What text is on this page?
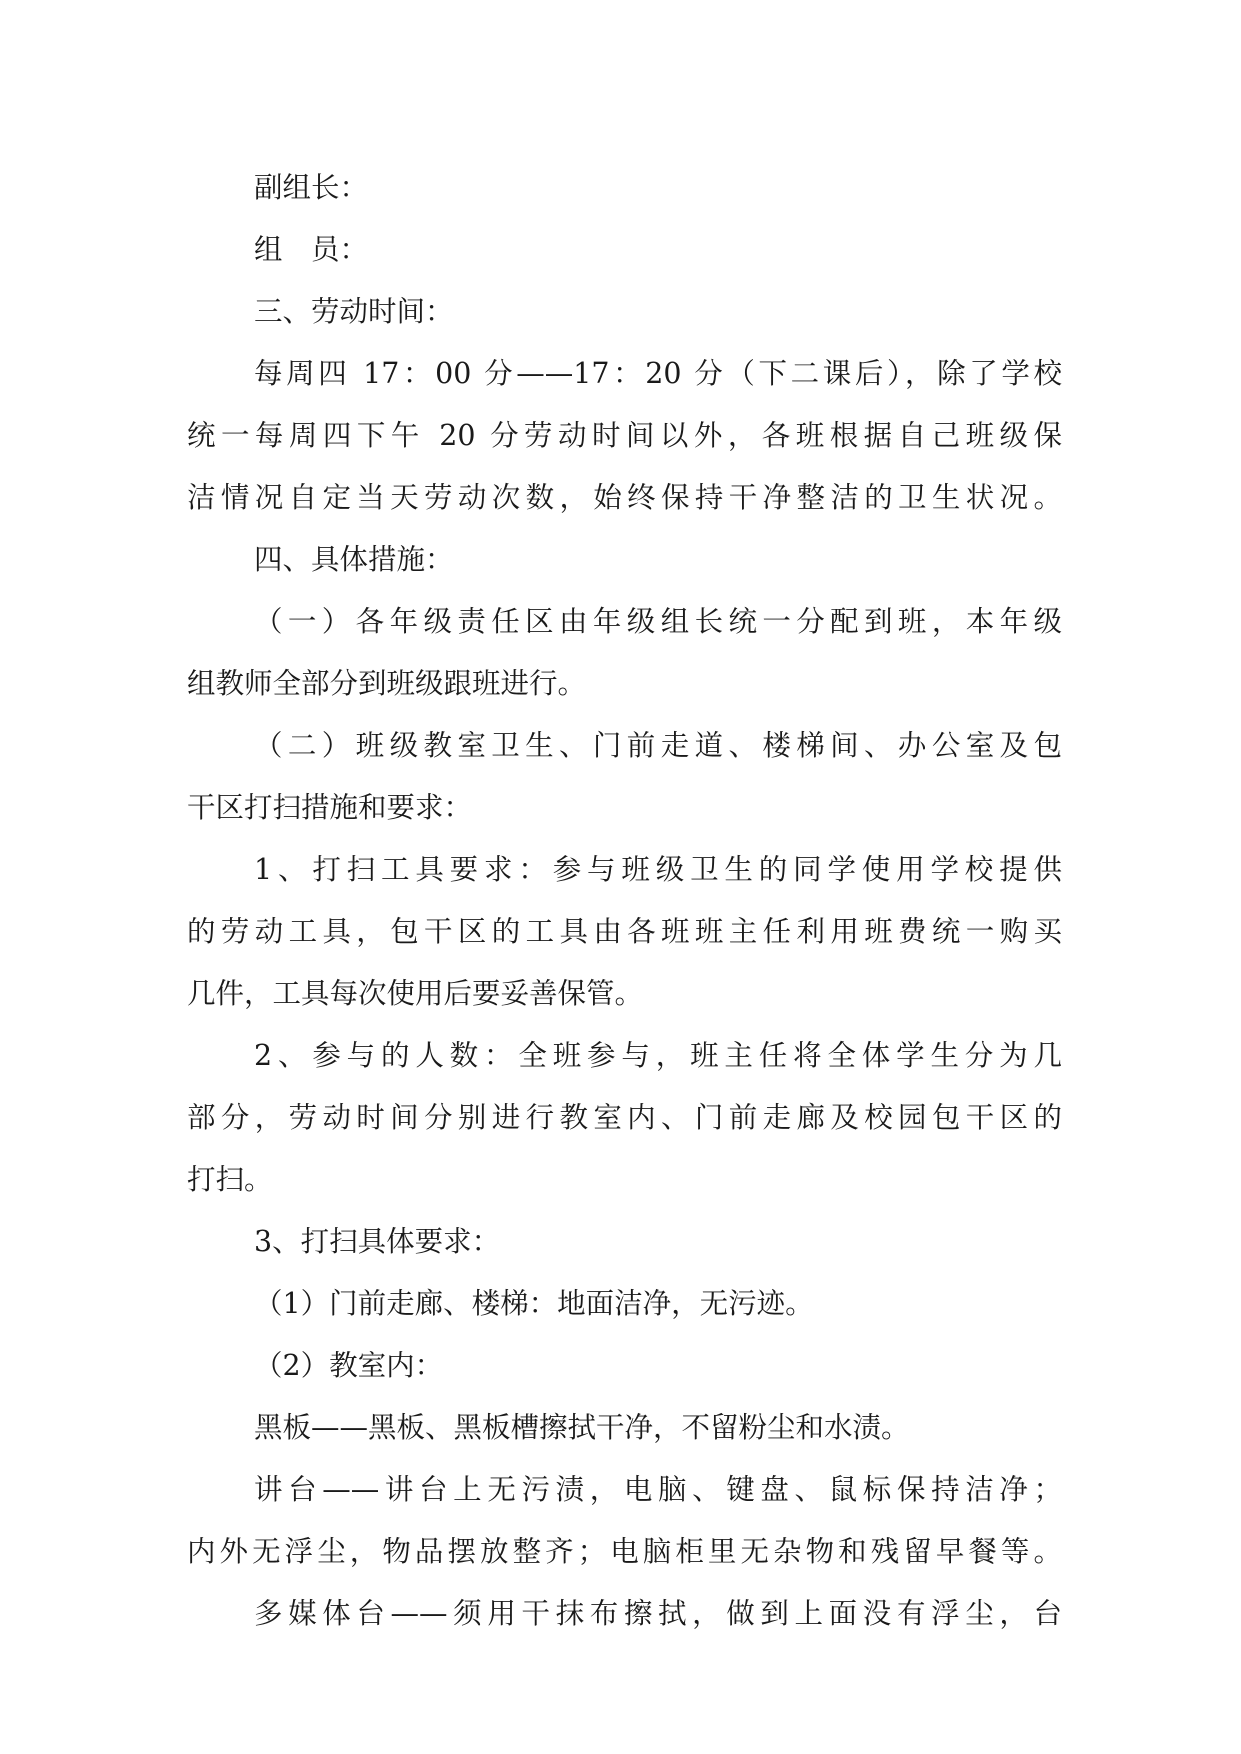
副组长：
组　员：
三、劳动时间：
每周四 17：00 分——17：20 分（下二课后），除了学校
统一每周四下午 20 分劳动时间以外，各班根据自己班级保
洁情况自定当天劳动次数，始终保持干净整洁的卫生状况。
四、具体措施：
（一）各年级责任区由年级组长统一分配到班，本年级
组教师全部分到班级跟班进行。
（二）班级教室卫生、门前走道、楼梯间、办公室及包
干区打扫措施和要求：
1、打扫工具要求：参与班级卫生的同学使用学校提供
的劳动工具，包干区的工具由各班班主任利用班费统一购买
几件，工具每次使用后要妥善保管。
2、参与的人数：全班参与，班主任将全体学生分为几
部分，劳动时间分别进行教室内、门前走廊及校园包干区的
打扫。
3、打扫具体要求：
（1）门前走廊、楼梯：地面洁净，无污迹。
（2）教室内：
黑板——黑板、黑板槽擦拭干净，不留粉尘和水渍。
讲台——讲台上无污渍，电脑、键盘、鼠标保持洁净；
内外无浮尘，物品摆放整齐；电脑柜里无杂物和残留早餐等。
多媒体台——须用干抹布擦拭，做到上面没有浮尘，台
